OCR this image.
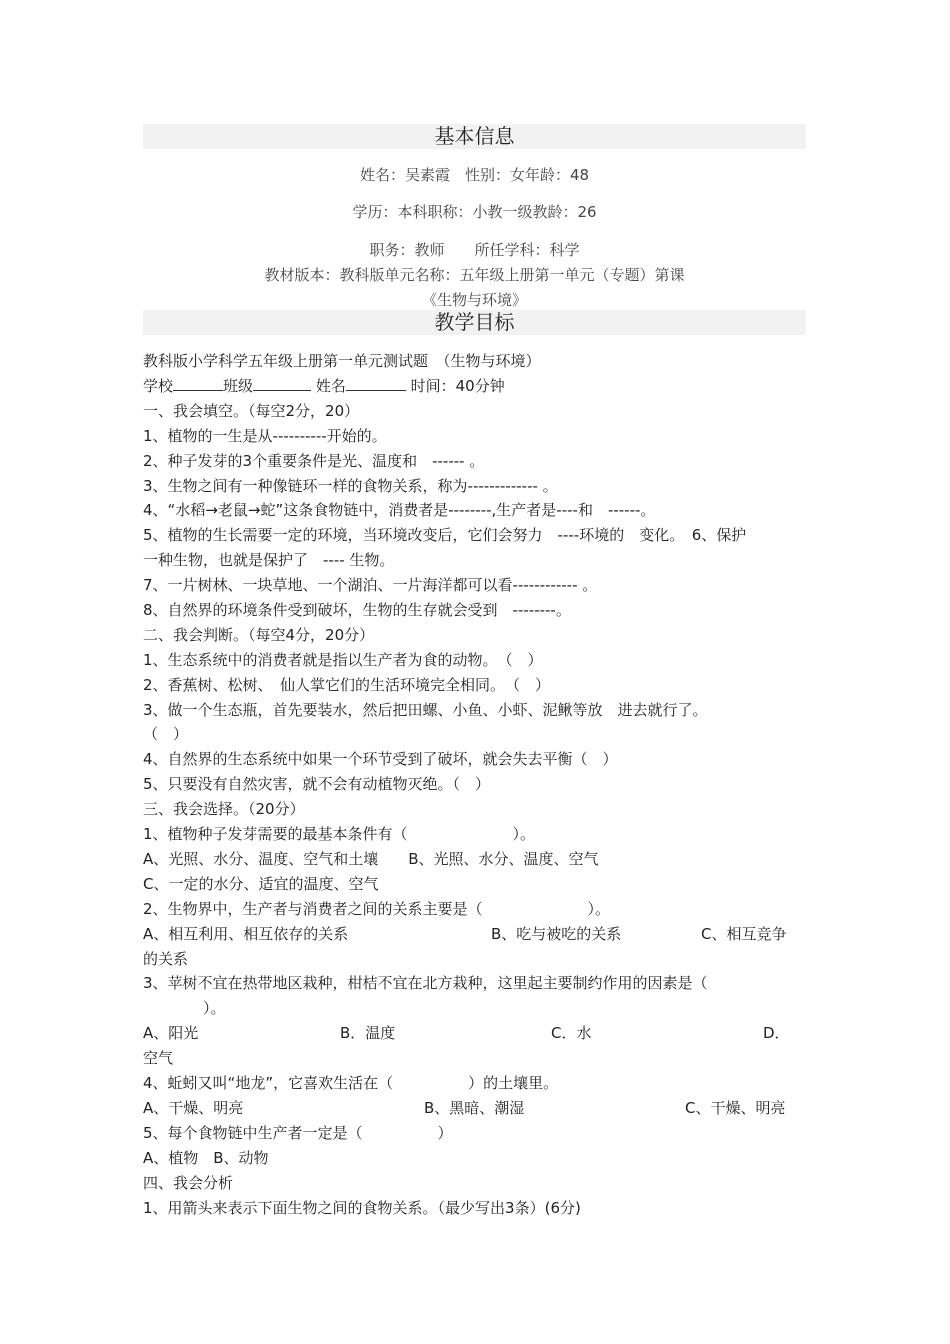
基本信息
姓名：吴素霞　性别：女年龄：48
学历：本科职称：小教一级教龄：26
职务：教师　　所任学科：科学
教材版本：教科版单元名称：五年级上册第一单元（专题）第课
《生物与环境》
教学目标
教科版小学科学五年级上册第一单元测试题　（生物与环境）
学校	班级	姓名	时间：40分钟
一、我会填空。（每空2分，20）
1、植物的一生是从----------开始的。
2、种子发芽的3个重要条件是光、温度和　------ 。
3、生物之间有一种像链环一样的食物关系，称为------------- 。
4、“水稻→老鼠→蛇”这条食物链中，消费者是--------,生产者是----和　------。
5、植物的生长需要一定的环境，当环境改变后，它们会努力　----环境的　变化。　6、保护
一种生物，也就是保护了　---- 生物。
7、一片树林、一块草地、一个湖泊、一片海洋都可以看------------ 。
8、自然界的环境条件受到破坏，生物的生存就会受到　--------。
二、我会判断。（每空4分，20分）
1、生态系统中的消费者就是指以生产者为食的动物。　（　）
2、香蕉树、松树、　仙人掌它们的生活环境完全相同。　（　）
3、做一个生态瓶，首先要装水，然后把田螺、小鱼、小虾、泥鳅等放　进去就行了。
（　）
4、自然界的生态系统中如果一个环节受到了破坏，就会失去平衡（　）
5、只要没有自然灾害，就不会有动植物灭绝。（　）
三、我会选择。（20分）
1、植物种子发芽需要的最基本条件有（　　　　　　　）。
A、光照、水分、温度、空气和土壤　　B、光照、水分、温度、空气
C、一定的水分、适宜的温度、空气
2、生物界中，生产者与消费者之间的关系主要是（　　　　　　　）。
A、相互利用、相互依存的关系	B、吃与被吃的关系	C、相互竞争
的关系
3、苹树不宜在热带地区栽种，柑桔不宜在北方栽种，这里起主要制约作用的因素是（
　　　　）。
A、阳光	B．温度	C．水	D．
空气
4、蚯蚓又叫“地龙”，它喜欢生活在（　　　　　）的土壤里。
A、干燥、明亮	B、黑暗、潮湿	C、干燥、明亮
5、每个食物链中生产者一定是（　　　　　）
A、植物　B、动物
四、我会分析
1、用箭头来表示下面生物之间的食物关系。（最少写出3条）(6分)
